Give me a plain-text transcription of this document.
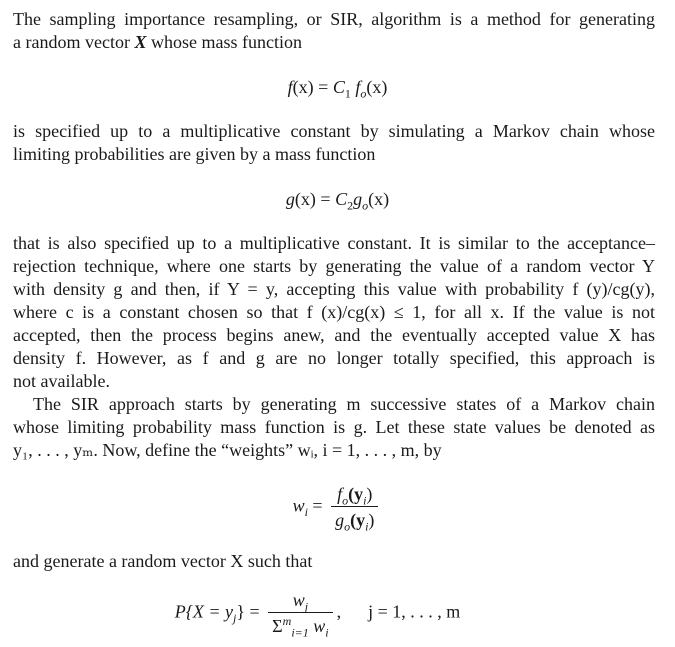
The sampling importance resampling, or SIR, algorithm is a method for generating
a random vector X whose mass function
$f(x) = C_1$ $f_o(x)$
is specified up to a multiplicative constant by simulating a Markov chain whose
limiting probabilities are given by a mass function
$g(x) = C_2g_o(x)$
that is also specified up to a multiplicative constant. It is similar to the acceptance–
rejection technique, where one starts by generating the value of a random vector Y
with density g and then, if Y = y, accepting this value with probability f (y)/cg(y),
where c is a constant chosen so that f (x)/cg(x) ≤ 1, for all x. If the value is not
accepted, then the process begins anew, and the eventually accepted value X has
density f. However, as f and g are no longer totally specified, this approach is
not available.
The SIR approach starts by generating m successive states of a Markov chain
whose limiting probability mass function is g. Let these state values be denoted as
y₁, . . . , yₘ. Now, define the “weights” wᵢ, i = 1, . . . , m, by
$w_i = \frac{f_o(y_i)}{g_o(y_i)}$
and generate a random vector X such that
$P\{X = y_j\} = \frac{w_j}{\Sigma^m_{i=1} w_i}$ ,      j = 1, . . . , m
